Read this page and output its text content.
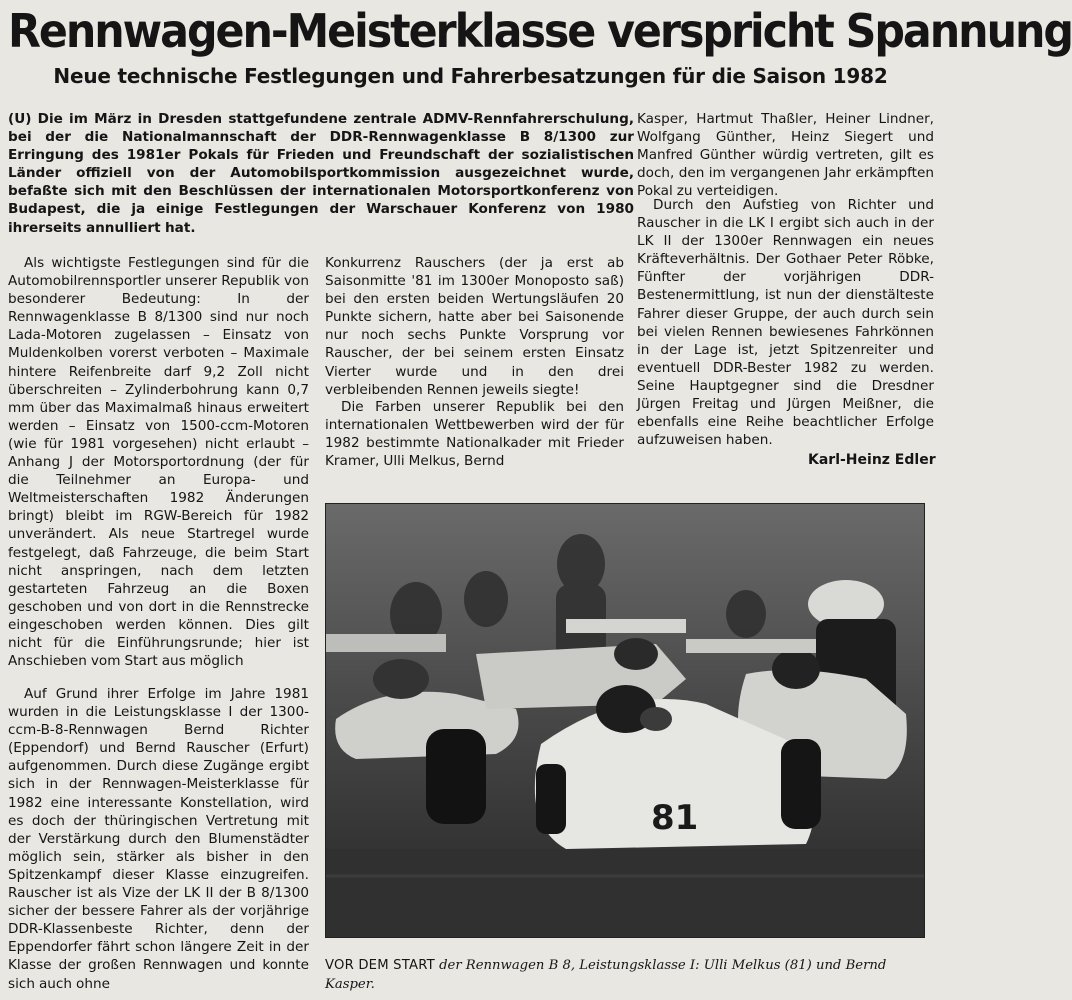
Rennwagen-Meisterklasse verspricht Spannung
Neue technische Festlegungen und Fahrerbesatzungen für die Saison 1982

(U) Die im März in Dresden stattgefundene zentrale ADMV-Rennfahrerschulung, bei der die Nationalmannschaft der DDR-Rennwagenklasse B 8/1300 zur Erringung des 1981er Pokals für Frieden und Freundschaft der sozialistischen Länder offiziell von der Automobilsportkommission ausgezeichnet wurde, befaßte sich mit den Beschlüssen der internationalen Motorsportkonferenz von Budapest, die ja einige Festlegungen der Warschauer Konferenz von 1980 ihrerseits annulliert hat.

Als wichtigste Festlegungen sind für die Automobilrennsportler unserer Republik von besonderer Bedeutung: In der Rennwagenklasse B 8/1300 sind nur noch Lada-Motoren zugelassen – Einsatz von Muldenkolben vorerst verboten – Maximale hintere Reifenbreite darf 9,2 Zoll nicht überschreiten – Zylinderbohrung kann 0,7 mm über das Maximalmaß hinaus erweitert werden – Einsatz von 1500-ccm-Motoren (wie für 1981 vorgesehen) nicht erlaubt – Anhang J der Motorsportordnung (der für die Teilnehmer an Europa- und Weltmeisterschaften 1982 Änderungen bringt) bleibt im RGW-Bereich für 1982 unverändert. Als neue Startregel wurde festgelegt, daß Fahrzeuge, die beim Start nicht anspringen, nach dem letzten gestarteten Fahrzeug an die Boxen geschoben und von dort in die Rennstrecke eingeschoben werden können. Dies gilt nicht für die Einführungsrunde; hier ist Anschieben vom Start aus möglich

Auf Grund ihrer Erfolge im Jahre 1981 wurden in die Leistungsklasse I der 1300-ccm-B-8-Rennwagen Bernd Richter (Eppendorf) und Bernd Rauscher (Erfurt) aufgenommen. Durch diese Zugänge ergibt sich in der Rennwagen-Meisterklasse für 1982 eine interessante Konstellation, wird es doch der thüringischen Vertretung mit der Verstärkung durch den Blumenstädter möglich sein, stärker als bisher in den Spitzenkampf dieser Klasse einzugreifen. Rauscher ist als Vize der LK II der B 8/1300 sicher der bessere Fahrer als der vorjährige DDR-Klassenbeste Richter, denn der Eppendorfer fährt schon längere Zeit in der Klasse der großen Rennwagen und konnte sich auch ohne

Konkurrenz Rauschers (der ja erst ab Saisonmitte '81 im 1300er Monoposto saß) bei den ersten beiden Wertungsläufen 20 Punkte sichern, hatte aber bei Saisonende nur noch sechs Punkte Vorsprung vor Rauscher, der bei seinem ersten Einsatz Vierter wurde und in den drei verbleibenden Rennen jeweils siegte!

Die Farben unserer Republik bei den internationalen Wettbewerben wird der für 1982 bestimmte Nationalkader mit Frieder Kramer, Ulli Melkus, Bernd

Kasper, Hartmut Thaßler, Heiner Lindner, Wolfgang Günther, Heinz Siegert und Manfred Günther würdig vertreten, gilt es doch, den im vergangenen Jahr erkämpften Pokal zu verteidigen.

Durch den Aufstieg von Richter und Rauscher in die LK I ergibt sich auch in der LK II der 1300er Rennwagen ein neues Kräfteverhältnis. Der Gothaer Peter Röbke, Fünfter der vorjährigen DDR-Bestenermittlung, ist nun der dienstälteste Fahrer dieser Gruppe, der auch durch sein bei vielen Rennen bewiesenes Fahrkönnen in der Lage ist, jetzt Spitzenreiter und eventuell DDR-Bester 1982 zu werden. Seine Hauptgegner sind die Dresdner Jürgen Freitag und Jürgen Meißner, die ebenfalls eine Reihe beachtlicher Erfolge aufzuweisen haben.

Karl-Heinz Edler
81

VOR DEM START der Rennwagen B 8, Leistungsklasse I: Ulli Melkus (81) und Bernd Kasper.
